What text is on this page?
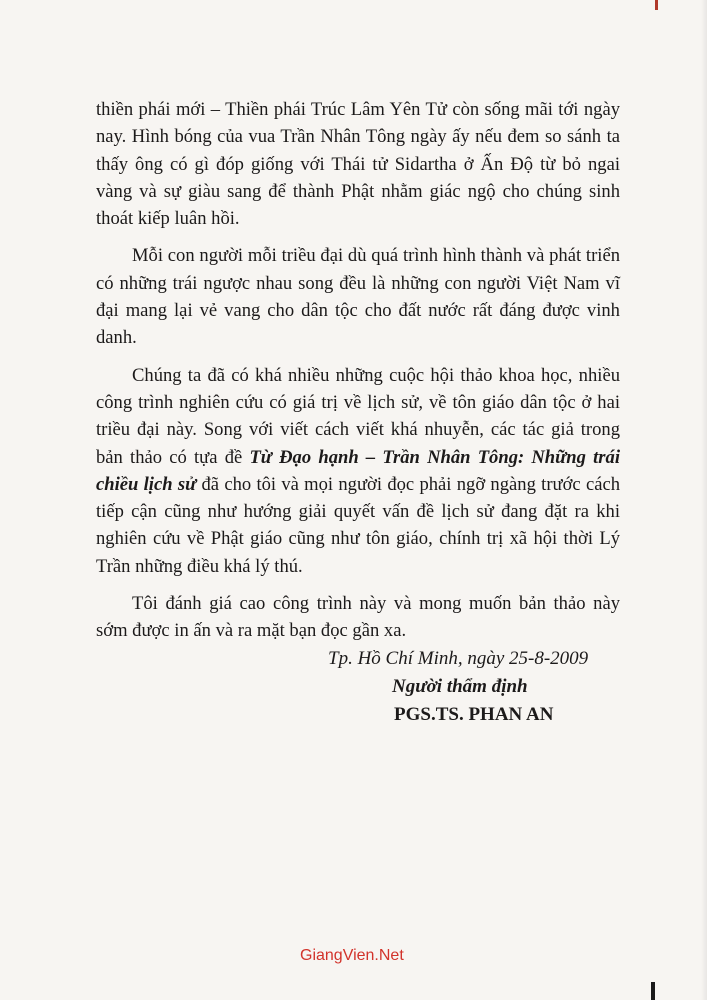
thiền phái mới – Thiền phái Trúc Lâm Yên Tử còn sống mãi tới ngày nay. Hình bóng của vua Trần Nhân Tông ngày ấy nếu đem so sánh ta thấy ông có gì đóp giống với Thái tử Sidartha ở Ấn Độ từ bỏ ngai vàng và sự giàu sang để thành Phật nhằm giác ngộ cho chúng sinh thoát kiếp luân hồi.

Mỗi con người mỗi triều đại dù quá trình hình thành và phát triển có những trái ngược nhau song đều là những con người Việt Nam vĩ đại mang lại vẻ vang cho dân tộc cho đất nước rất đáng được vinh danh.

Chúng ta đã có khá nhiều những cuộc hội thảo khoa học, nhiều công trình nghiên cứu có giá trị về lịch sử, về tôn giáo dân tộc ở hai triều đại này. Song với viết cách viết khá nhuyễn, các tác giả trong bản thảo có tựa đề Từ Đạo hạnh – Trần Nhân Tông: Những trái chiều lịch sử đã cho tôi và mọi người đọc phải ngỡ ngàng trước cách tiếp cận cũng như hướng giải quyết vấn đề lịch sử đang đặt ra khi nghiên cứu về Phật giáo cũng như tôn giáo, chính trị xã hội thời Lý Trần những điều khá lý thú.

Tôi đánh giá cao công trình này và mong muốn bản thảo này sớm được in ấn và ra mặt bạn đọc gần xa.

Tp. Hồ Chí Minh, ngày 25-8-2009
Người thẩm định
PGS.TS. PHAN AN
GiangVien.Net
